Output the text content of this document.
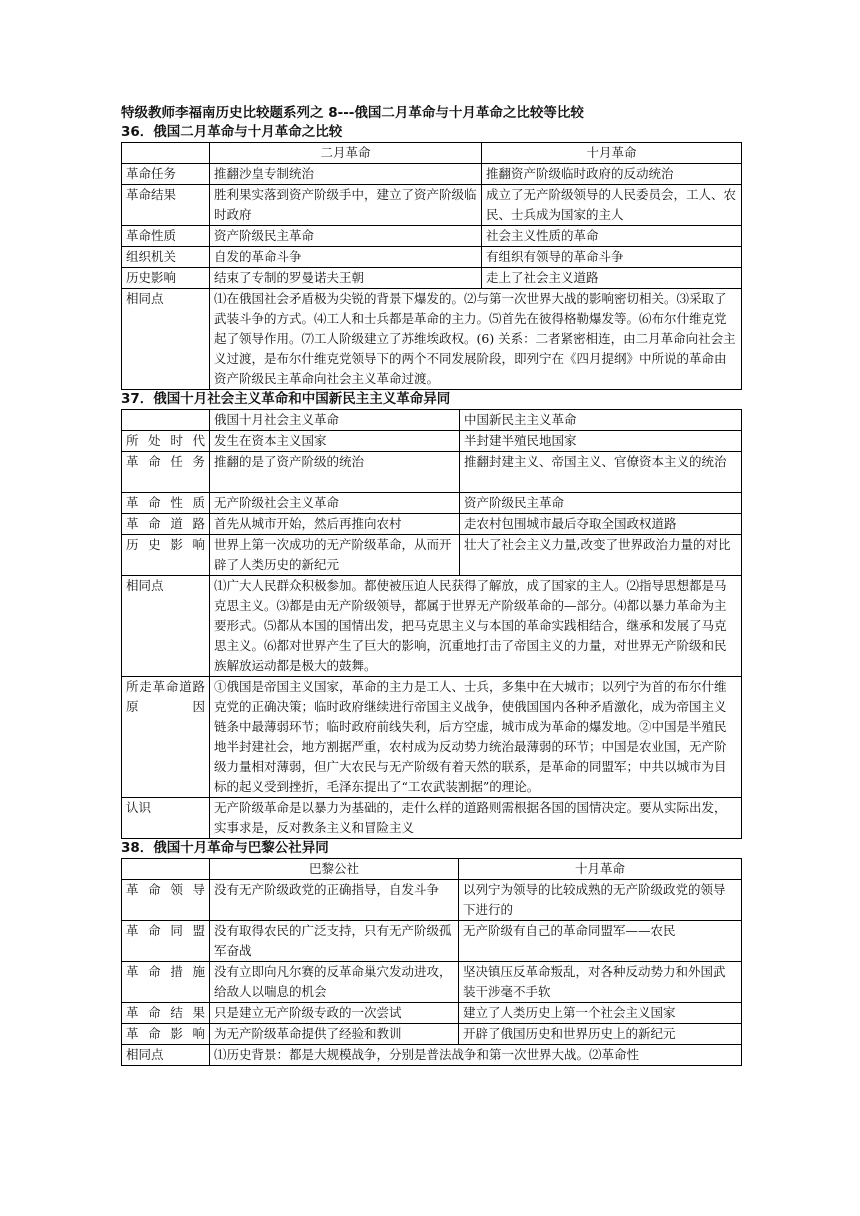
特级教师李福南历史比较题系列之 8---俄国二月革命与十月革命之比较等比较
36．俄国二月革命与十月革命之比较
	二月革命	十月革命
革命任务	推翻沙皇专制统治	推翻资产阶级临时政府的反动统治
革命结果	胜利果实落到资产阶级手中，建立了资产阶级临时政府	成立了无产阶级领导的人民委员会，工人、农民、士兵成为国家的主人
革命性质	资产阶级民主革命	社会主义性质的革命
组织机关	自发的革命斗争	有组织有领导的革命斗争
历史影响	结束了专制的罗曼诺夫王朝	走上了社会主义道路
相同点	⑴在俄国社会矛盾极为尖锐的背景下爆发的。⑵与第一次世界大战的影响密切相关。⑶采取了武装斗争的方式。⑷工人和士兵都是革命的主力。⑸首先在彼得格勒爆发等。⑹布尔什维克党起了领导作用。⑺工人阶级建立了苏维埃政权。(6) 关系：二者紧密相连，由二月革命向社会主义过渡，是布尔什维克党领导下的两个不同发展阶段，即列宁在《四月提纲》中所说的革命由资产阶级民主革命向社会主义革命过渡。	
37．俄国十月社会主义革命和中国新民主主义革命异同
	俄国十月社会主义革命	中国新民主主义革命
所处时代	发生在资本主义国家	半封建半殖民地国家
革命任务	推翻的是了资产阶级的统治	推翻封建主义、帝国主义、官僚资本主义的统治
革命性质	无产阶级社会主义革命	资产阶级民主革命
革命道路	首先从城市开始，然后再推向农村	走农村包围城市最后夺取全国政权道路
历史影响	世界上第一次成功的无产阶级革命，从而开辟了人类历史的新纪元	壮大了社会主义力量,改变了世界政治力量的对比
相同点	⑴广大人民群众积极参加。都使被压迫人民获得了解放，成了国家的主人。⑵指导思想都是马克思主义。⑶都是由无产阶级领导，都属于世界无产阶级革命的—部分。⑷都以暴力革命为主要形式。⑸都从本国的国情出发，把马克思主义与本国的革命实践相结合，继承和发展了马克思主义。⑹都对世界产生了巨大的影响，沉重地打击了帝国主义的力量，对世界无产阶级和民族解放运动都是极大的鼓舞。	
所走革命道路原因	①俄国是帝国主义国家，革命的主力是工人、士兵，多集中在大城市；以列宁为首的布尔什维克党的正确决策；临时政府继续进行帝国主义战争，使俄国国内各种矛盾激化，成为帝国主义链条中最薄弱环节；临时政府前线失利，后方空虚，城市成为革命的爆发地。②中国是半殖民地半封建社会，地方割据严重，农村成为反动势力统治最薄弱的环节；中国是农业国，无产阶级力量相对薄弱，但广大农民与无产阶级有着天然的联系，是革命的同盟军；中共以城市为目标的起义受到挫折，毛泽东提出了“工农武装割据”的理论。	
认识	无产阶级革命是以暴力为基础的，走什么样的道路则需根据各国的国情决定。要从实际出发，实事求是，反对教条主义和冒险主义	
38．俄国十月革命与巴黎公社异同
	巴黎公社	十月革命
革命领导	没有无产阶级政党的正确指导，自发斗争	以列宁为领导的比较成熟的无产阶级政党的领导下进行的
革命同盟	没有取得农民的广泛支持，只有无产阶级孤军奋战	无产阶级有自己的革命同盟军——农民
革命措施	没有立即向凡尔赛的反革命巢穴发动进攻，给敌人以喘息的机会	坚决镇压反革命叛乱，对各种反动势力和外国武装干涉毫不手软
革命结果	只是建立无产阶级专政的一次尝试	建立了人类历史上第一个社会主义国家
革命影响	为无产阶级革命提供了经验和教训	开辟了俄国历史和世界历史上的新纪元
相同点	⑴历史背景：都是大规模战争，分别是普法战争和第一次世界大战。⑵革命性	
